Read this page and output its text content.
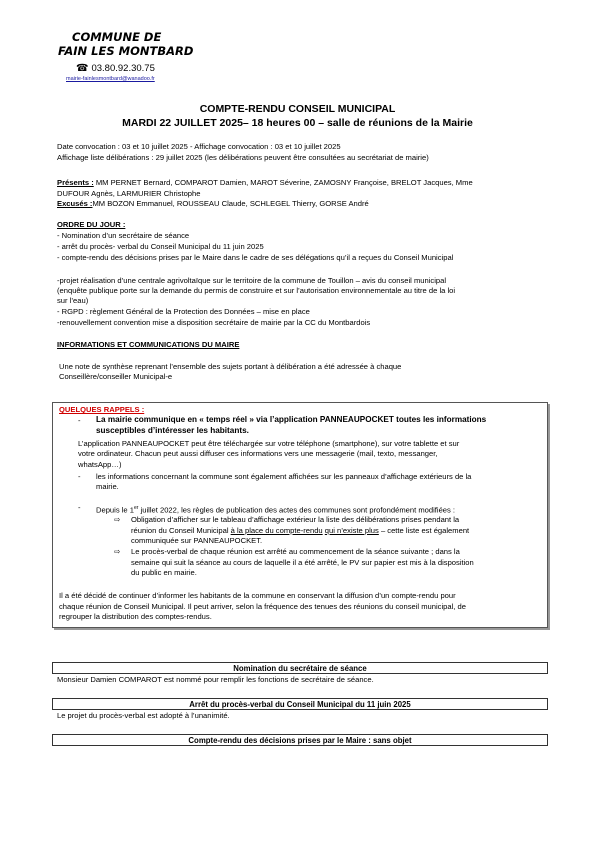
COMMUNE DE
FAIN LES MONTBARD
☎ 03.80.92.30.75
mairie-fainlesmontbard@wanadoo.fr
COMPTE-RENDU CONSEIL MUNICIPAL
MARDI 22 JUILLET 2025– 18 heures 00 – salle de réunions de la Mairie
Date convocation : 03 et 10 juillet 2025 - Affichage convocation : 03 et 10 juillet 2025
Affichage liste délibérations : 29 juillet 2025 (les délibérations peuvent être consultées au secrétariat de mairie)
Présents : MM PERNET Bernard, COMPAROT Damien, MAROT Séverine, ZAMOSNY Françoise, BRELOT Jacques, Mme
DUFOUR Agnès, LARMURIER Christophe
Excusés :MM BOZON Emmanuel, ROUSSEAU Claude, SCHLEGEL Thierry, GORSE André
ORDRE DU JOUR :
- Nomination d’un secrétaire de séance
- arrêt du procès- verbal du Conseil Municipal du 11 juin 2025
- compte-rendu des décisions prises par le Maire dans le cadre de ses délégations qu’il a reçues du Conseil Municipal
-projet réalisation d’une centrale agrivoltaïque sur le territoire de la commune de Touillon – avis du conseil municipal
(enquête publique porte sur la demande du permis de construire et sur l’autorisation environnementale au titre de la loi
sur l’eau)
- RGPD : règlement Général de la Protection des Données – mise en place
-renouvellement convention mise a disposition secrétaire de mairie par la CC du Montbardois
INFORMATIONS ET COMMUNICATIONS DU MAIRE
Une note de synthèse reprenant l’ensemble des sujets portant à délibération a été adressée à chaque
Conseillère/conseiller Municipal-e
QUELQUES RAPPELS :
- La mairie communique en « temps réel » via l’application PANNEAUPOCKET toutes les informations
susceptibles d’intéresser les habitants.
L’application PANNEAUPOCKET peut être téléchargée sur votre téléphone (smartphone), sur votre tablette et sur
votre ordinateur. Chacun peut aussi diffuser ces informations vers une messagerie (mail, texto, messanger,
whatsApp…)
- les informations concernant la commune sont également affichées sur les panneaux d’affichage extérieurs de la
mairie.
- Depuis le 1er juillet 2022, les règles de publication des actes des communes sont profondément modifiées :
⇨ Obligation d’afficher sur le tableau d’affichage extérieur la liste des délibérations prises pendant la
réunion du Conseil Municipal à la place du compte-rendu qui n’existe plus – cette liste est également
communiquée sur PANNEAUPOCKET.
⇨ Le procès-verbal de chaque réunion est arrêté au commencement de la séance suivante ; dans la
semaine qui suit la séance au cours de laquelle il a été arrêté, le PV sur papier est mis à la disposition
du public en mairie.
Il a été décidé de continuer d’informer les habitants de la commune en conservant la diffusion d’un compte-rendu pour
chaque réunion de Conseil Municipal. Il peut arriver, selon la fréquence des tenues des réunions du conseil municipal, de
regrouper la distribution des comptes-rendus.
Nomination du secrétaire de séance
Monsieur Damien COMPAROT est nommé pour remplir les fonctions de secrétaire de séance.
Arrêt du procès-verbal du Conseil Municipal du 11 juin 2025
Le projet du procès-verbal est adopté à l’unanimité.
Compte-rendu des décisions prises par le Maire : sans objet
